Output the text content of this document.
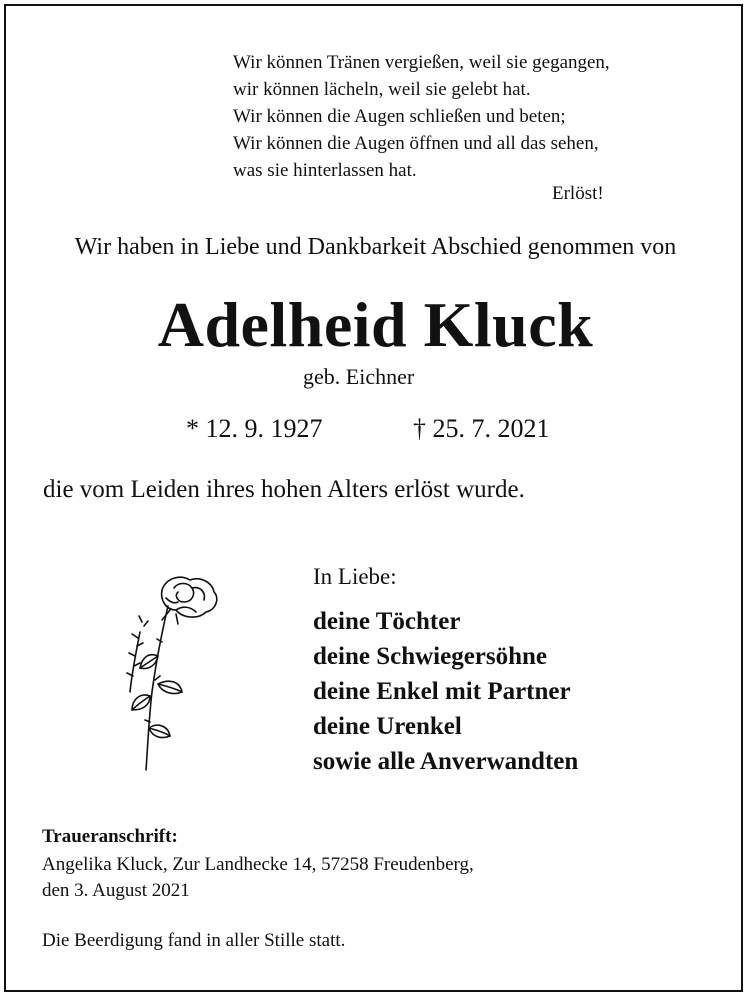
Wir können Tränen vergießen, weil sie gegangen,
wir können lächeln, weil sie gelebt hat.
Wir können die Augen schließen und beten;
Wir können die Augen öffnen und all das sehen,
was sie hinterlassen hat.
Erlöst!
Wir haben in Liebe und Dankbarkeit Abschied genommen von
Adelheid Kluck
geb. Eichner
* 12. 9. 1927	† 25. 7. 2021
die vom Leiden ihres hohen Alters erlöst wurde.
In Liebe:
deine Töchter
deine Schwiegersöhne
deine Enkel mit Partner
deine Urenkel
sowie alle Anverwandten
Traueranschrift:
Angelika Kluck, Zur Landhecke 14, 57258 Freudenberg,
den 3. August 2021
Die Beerdigung fand in aller Stille statt.
